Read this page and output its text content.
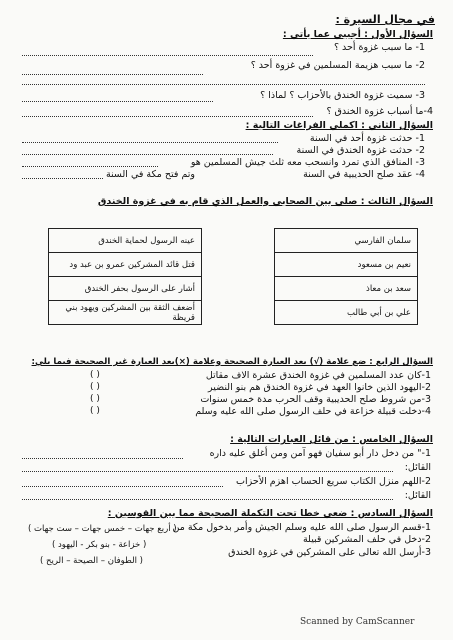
في مجال السيرة :
السؤال الأول : أجيبي عما يأتي :
1- ما سبب غزوة أحد ؟
2- ما سبب هزيمة المسلمين في غزوة أحد ؟
3- سميت غزوة الخندق بالأحزاب ؟ لماذا ؟
4-ما أسباب غزوة الخندق ؟
السؤال الثاني : اكملي الفراغات التالية :
1- حدثت غزوة أحد في السنة
2- حدثت غزوة الخندق في السنة
3- المنافق الذي تمرد وانسحب معه ثلث جيش المسلمين هو
4- عقد صلح الحديبية في السنة
وتم فتح مكة في السنة
السؤال الثالث : صلي بين الصحابي والعمل الذي قام به في غزوة الخندق
سلمان الفارسي		عينه الرسول لحماية الخندق
نعيم بن مسعود		قتل قائد المشركين عمرو بن عبد ود
سعد بن معاذ		أشار على الرسول بحفر الخندق
علي بن أبي طالب		أضعف الثقة بين المشركين ويهود بني قريظة
السؤال الرابع : ضع علامة (√) بعد العبارة الصحيحة وعلامة (×)بعد العبارة غير الصحيحة فيما يلي:
1-كان عدد المسلمين في غزوة الخندق عشرة الاف مقاتل
( )
2-اليهود الذين خانوا العهد في غزوة الخندق هم بنو النضير
( )
3-من شروط صلح الحديبية وقف الحرب مدة خمس سنوات
( )
4-دخلت قبيلة خزاعة في حلف الرسول صلى الله عليه وسلم
( )
السؤال الخامس : من قائل العبارات التالية :
1-" من دخل دار أبو سفيان فهو آمن ومن أغلق عليه داره
القائل:
2-اللهم منزل الكتاب سريع الحساب اهزم الأحزاب
القائل:
السؤال السادس : ضعي خطا تحت التكملة الصحيحة مما بين القوسين :
1-قسم الرسول صلى الله عليه وسلم الجيش وأمر بدخول مكة من
( أربع جهات – خمس جهات – ست جهات )
2-دخل في حلف المشركين قبيلة
( خزاعة - بنو بكر - اليهود )
3-أرسل الله تعالى على المشركين في غزوة الخندق
( الطوفان – الصيحة – الريح )
Scanned by CamScanner
